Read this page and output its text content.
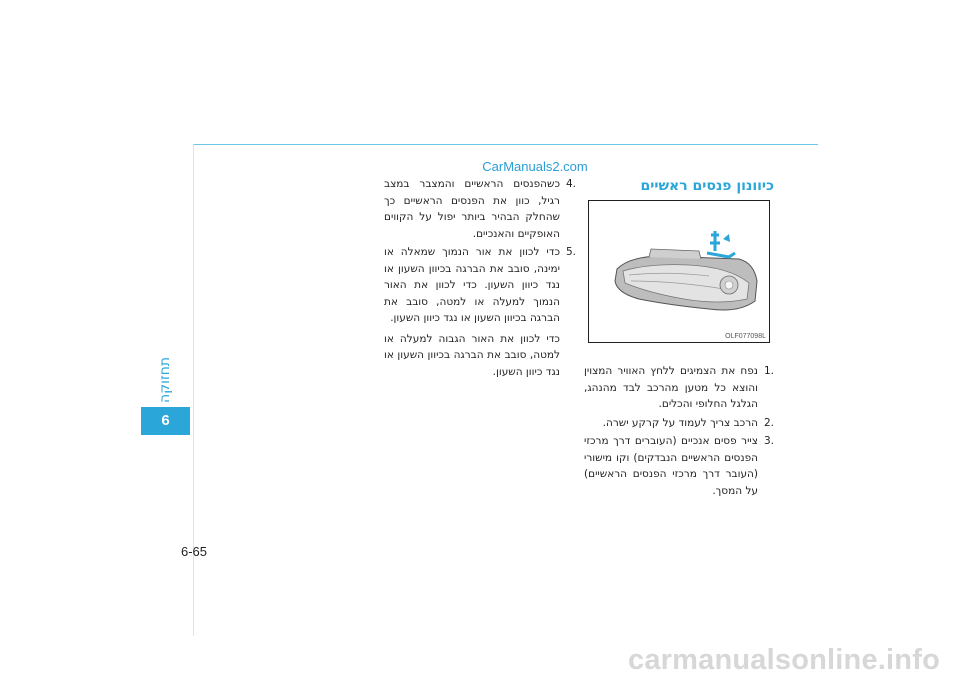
CarManuals2.com
תחזוקה
6
6-65
כיוונון פנסים ראשיים
OLF077098L
.1
נפח את הצמיגים ללחץ האוויר המצוין והוצא כל מטען מהרכב לבד מהנהג, הגלגל החלופי והכלים.
.2
הרכב צריך לעמוד על קרקע ישרה.
.3
צייר פסים אנכיים (העוברים דרך מרכזי הפנסים הראשיים הנבדקים) וקו מישורי (העובר דרך מרכזי הפנסים הראשיים) על המסך.
.4
כשהפנסים הראשיים והמצבר במצב רגיל, כוון את הפנסים הראשיים כך שהחלק הבהיר ביותר יפול על הקווים האופקיים והאנכיים.
.5
כדי לכוון את אור הנמוך שמאלה או ימינה, סובב את הברגה בכיוון השעון או נגד כיוון השעון. כדי לכוון את האור הנמוך למעלה או למטה, סובב את הברגה בכיוון השעון או נגד כיוון השעון.
כדי לכוון את האור הגבוה למעלה או למטה, סובב את הברגה בכיוון השעון או נגד כיוון השעון.
carmanualsonline.info
